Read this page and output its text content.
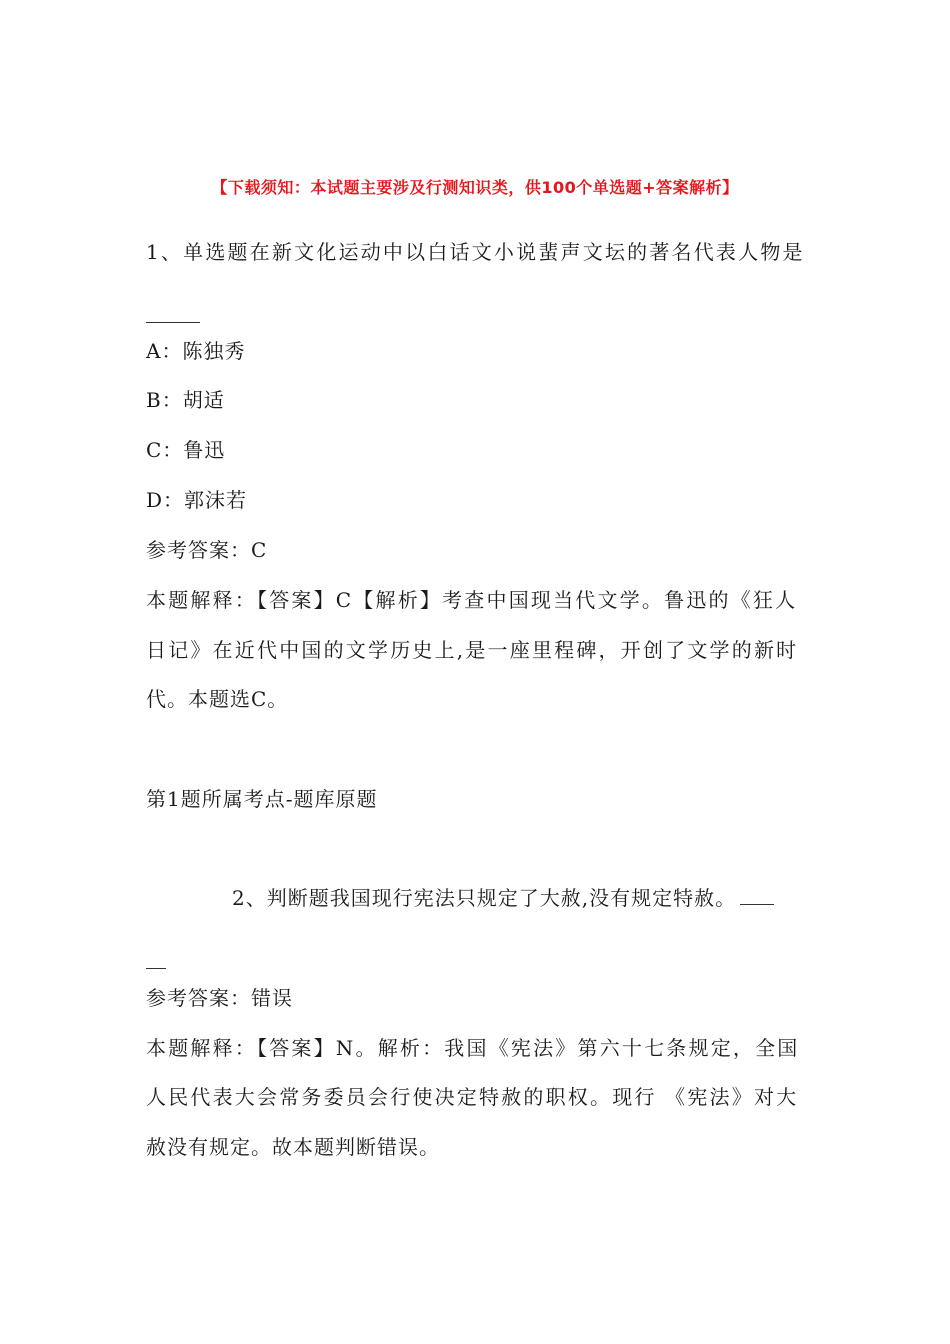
【下载须知：本试题主要涉及行测知识类，供100个单选题+答案解析】
1、单选题在新文化运动中以白话文小说蜚声文坛的著名代表人物是
A：陈独秀
B：胡适
C：鲁迅
D：郭沫若
参考答案：C
本题解释：【答案】C【解析】考查中国现当代文学。鲁迅的《狂人
日记》在近代中国的文学历史上,是一座里程碑，开创了文学的新时
代。本题选C。
第1题所属考点-题库原题
2、判断题我国现行宪法只规定了大赦,没有规定特赦。
参考答案：错误
本题解释：【答案】N。解析：我国《宪法》第六十七条规定，全国
人民代表大会常务委员会行使决定特赦的职权。现行 《宪法》对大
赦没有规定。故本题判断错误。
